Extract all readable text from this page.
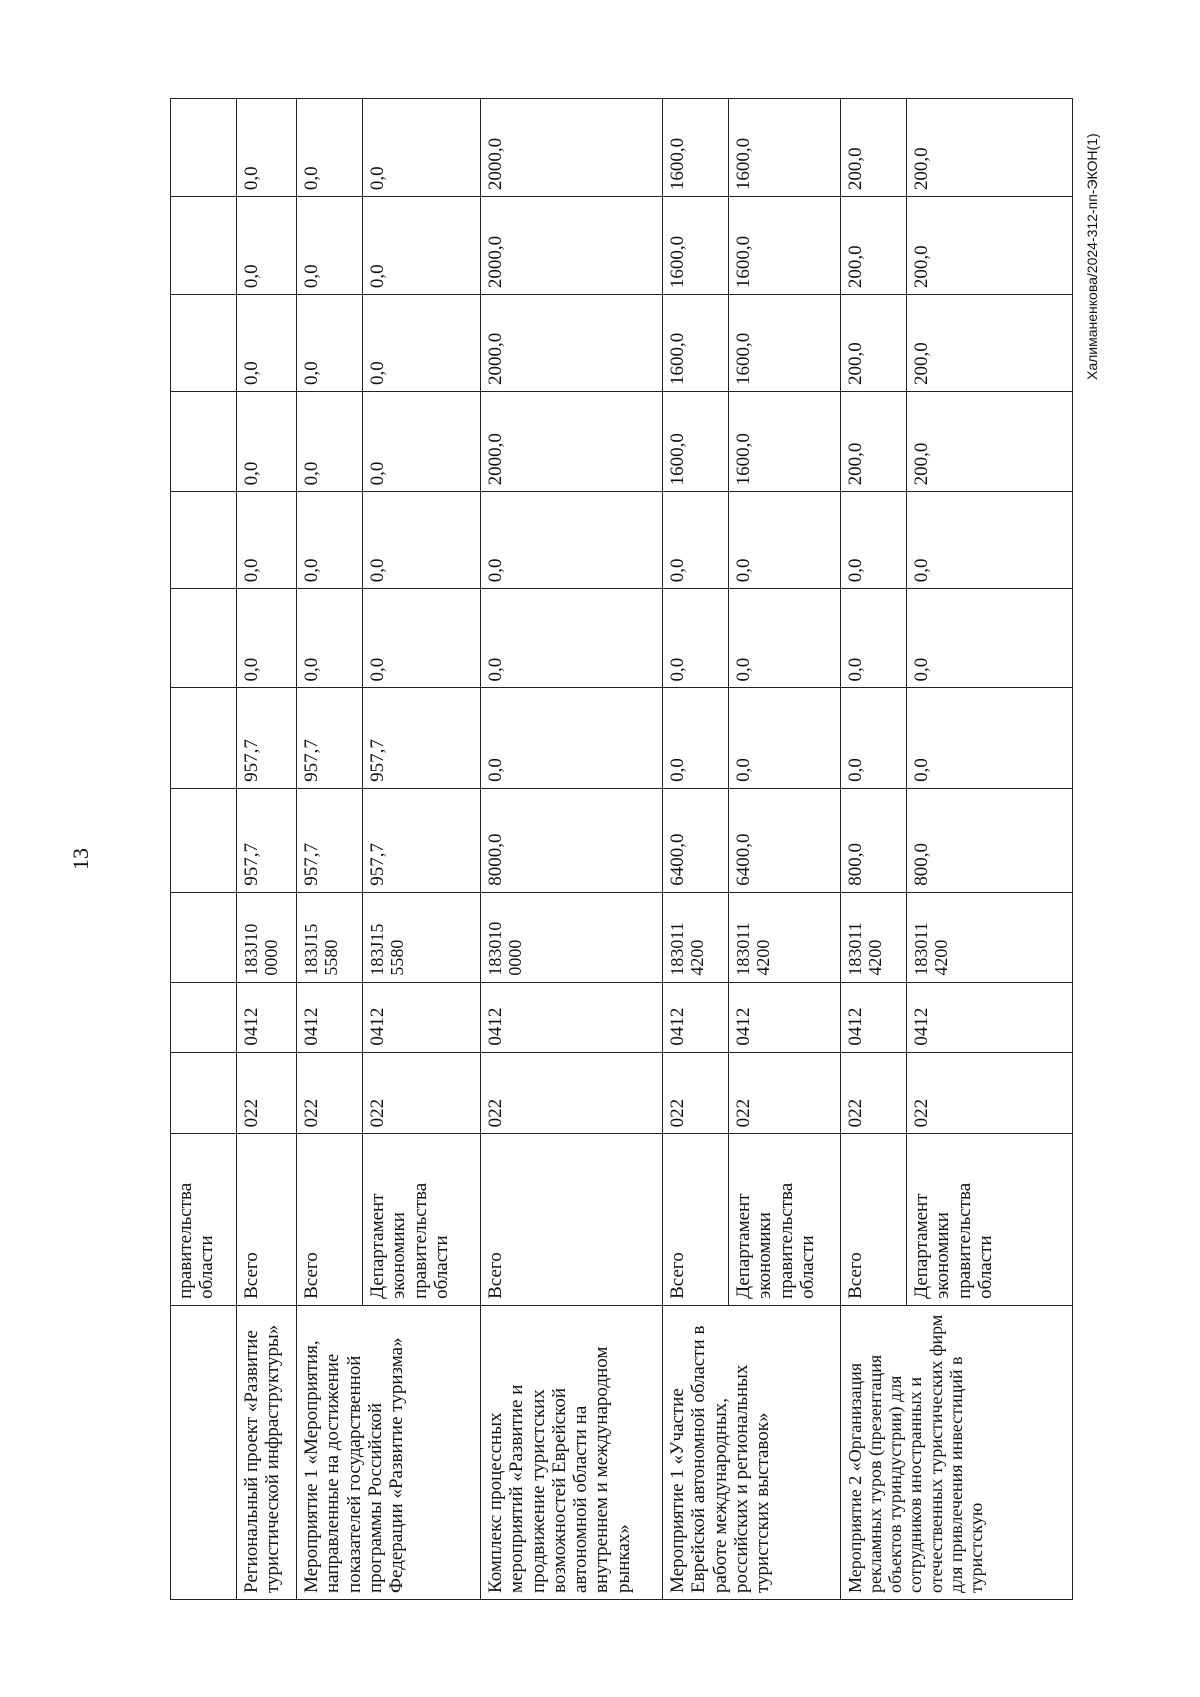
13
	правительства области											
Региональный проект «Развитие туристической инфраструктуры»	Всего	022	0412	183J10 0000	957,7	957,7	0,0	0,0	0,0	0,0	0,0	0,0
Мероприятие 1 «Мероприятия, направленные на достижение показателей государственной программы Российской Федерации «Развитие туризма»	Всего	022	0412	183J15 5580	957,7	957,7	0,0	0,0	0,0	0,0	0,0	0,0
	Департамент экономики правительства области	022	0412	183J15 5580	957,7	957,7	0,0	0,0	0,0	0,0	0,0	0,0
Комплекс процессных мероприятий «Развитие и продвижение туристских возможностей Еврейской автономной области на внутреннем и международном рынках»	Всего	022	0412	183010 0000	8000,0	0,0	0,0	0,0	2000,0	2000,0	2000,0	2000,0
Мероприятие 1 «Участие Еврейской автономной области в работе международных, российских и региональных туристских выставок»	Всего	022	0412	183011 4200	6400,0	0,0	0,0	0,0	1600,0	1600,0	1600,0	1600,0
	Департамент экономики правительства области	022	0412	183011 4200	6400,0	0,0	0,0	0,0	1600,0	1600,0	1600,0	1600,0
Мероприятие 2 «Организация рекламных туров (презентация объектов туриндустрии) для сотрудников иностранных и отечественных туристических фирм для привлечения инвестиций в туристскую	Всего	022	0412	183011 4200	800,0	0,0	0,0	0,0	200,0	200,0	200,0	200,0
	Департамент экономики правительства области	022	0412	183011 4200	800,0	0,0	0,0	0,0	200,0	200,0	200,0	200,0	Халиманенкова/2024-312-пп-ЭКОН(1)
